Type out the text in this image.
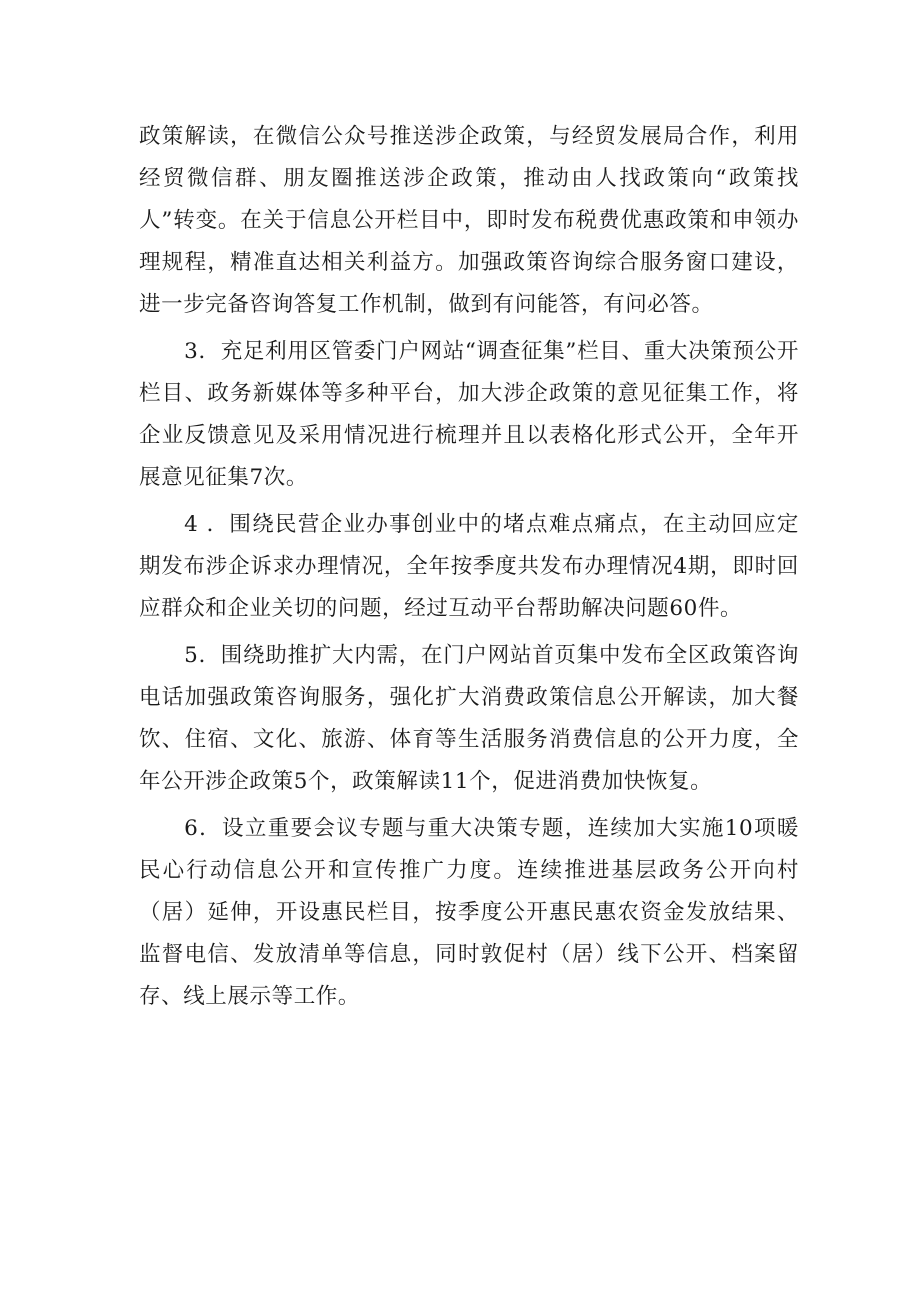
政策解读，在微信公众号推送涉企政策，与经贸发展局合作，利用经贸微信群、朋友圈推送涉企政策，推动由人找政策向“政策找人”转变。在关于信息公开栏目中，即时发布税费优惠政策和申领办理规程，精准直达相关利益方。加强政策咨询综合服务窗口建设，进一步完备咨询答复工作机制，做到有问能答，有问必答。

3．充足利用区管委门户网站“调查征集”栏目、重大决策预公开栏目、政务新媒体等多种平台，加大涉企政策的意见征集工作，将企业反馈意见及采用情况进行梳理并且以表格化形式公开，全年开展意见征集7次。

4 ．围绕民营企业办事创业中的堵点难点痛点，在主动回应定期发布涉企诉求办理情况，全年按季度共发布办理情况4期，即时回应群众和企业关切的问题，经过互动平台帮助解决问题60件。

5．围绕助推扩大内需，在门户网站首页集中发布全区政策咨询电话加强政策咨询服务，强化扩大消费政策信息公开解读，加大餐饮、住宿、文化、旅游、体育等生活服务消费信息的公开力度，全年公开涉企政策5个，政策解读11个，促进消费加快恢复。

6．设立重要会议专题与重大决策专题，连续加大实施10项暖民心行动信息公开和宣传推广力度。连续推进基层政务公开向村（居）延伸，开设惠民栏目，按季度公开惠民惠农资金发放结果、监督电信、发放清单等信息，同时敦促村（居）线下公开、档案留存、线上展示等工作。
